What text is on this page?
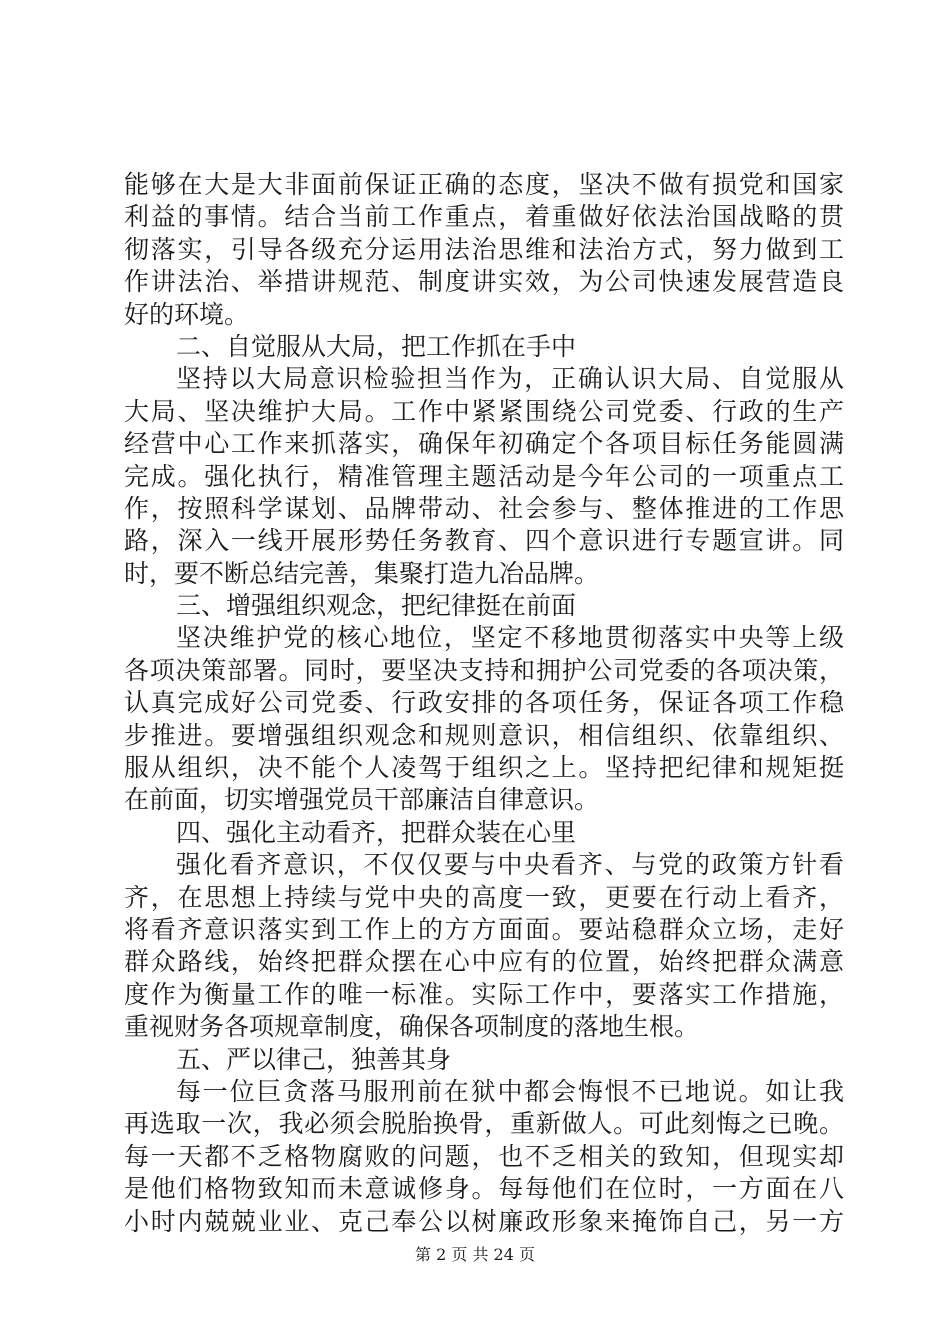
能够在大是大非面前保证正确的态度，坚决不做有损党和国家
利益的事情。结合当前工作重点，着重做好依法治国战略的贯
彻落实，引导各级充分运用法治思维和法治方式，努力做到工
作讲法治、举措讲规范、制度讲实效，为公司快速发展营造良
好的环境。
二、自觉服从大局，把工作抓在手中
坚持以大局意识检验担当作为，正确认识大局、自觉服从
大局、坚决维护大局。工作中紧紧围绕公司党委、行政的生产
经营中心工作来抓落实，确保年初确定个各项目标任务能圆满
完成。强化执行，精准管理主题活动是今年公司的一项重点工
作，按照科学谋划、品牌带动、社会参与、整体推进的工作思
路，深入一线开展形势任务教育、四个意识进行专题宣讲。同
时，要不断总结完善，集聚打造九冶品牌。
三、增强组织观念，把纪律挺在前面
坚决维护党的核心地位，坚定不移地贯彻落实中央等上级
各项决策部署。同时，要坚决支持和拥护公司党委的各项决策，
认真完成好公司党委、行政安排的各项任务，保证各项工作稳
步推进。要增强组织观念和规则意识，相信组织、依靠组织、
服从组织，决不能个人凌驾于组织之上。坚持把纪律和规矩挺
在前面，切实增强党员干部廉洁自律意识。
四、强化主动看齐，把群众装在心里
强化看齐意识，不仅仅要与中央看齐、与党的政策方针看
齐，在思想上持续与党中央的高度一致，更要在行动上看齐，
将看齐意识落实到工作上的方方面面。要站稳群众立场，走好
群众路线，始终把群众摆在心中应有的位置，始终把群众满意
度作为衡量工作的唯一标准。实际工作中，要落实工作措施，
重视财务各项规章制度，确保各项制度的落地生根。
五、严以律己，独善其身
每一位巨贪落马服刑前在狱中都会悔恨不已地说。如让我
再选取一次，我必须会脱胎换骨，重新做人。可此刻悔之已晚。
每一天都不乏格物腐败的问题，也不乏相关的致知，但现实却
是他们格物致知而未意诚修身。每每他们在位时，一方面在八
小时内兢兢业业、克己奉公以树廉政形象来掩饰自己，另一方
第 2 页 共 24 页
